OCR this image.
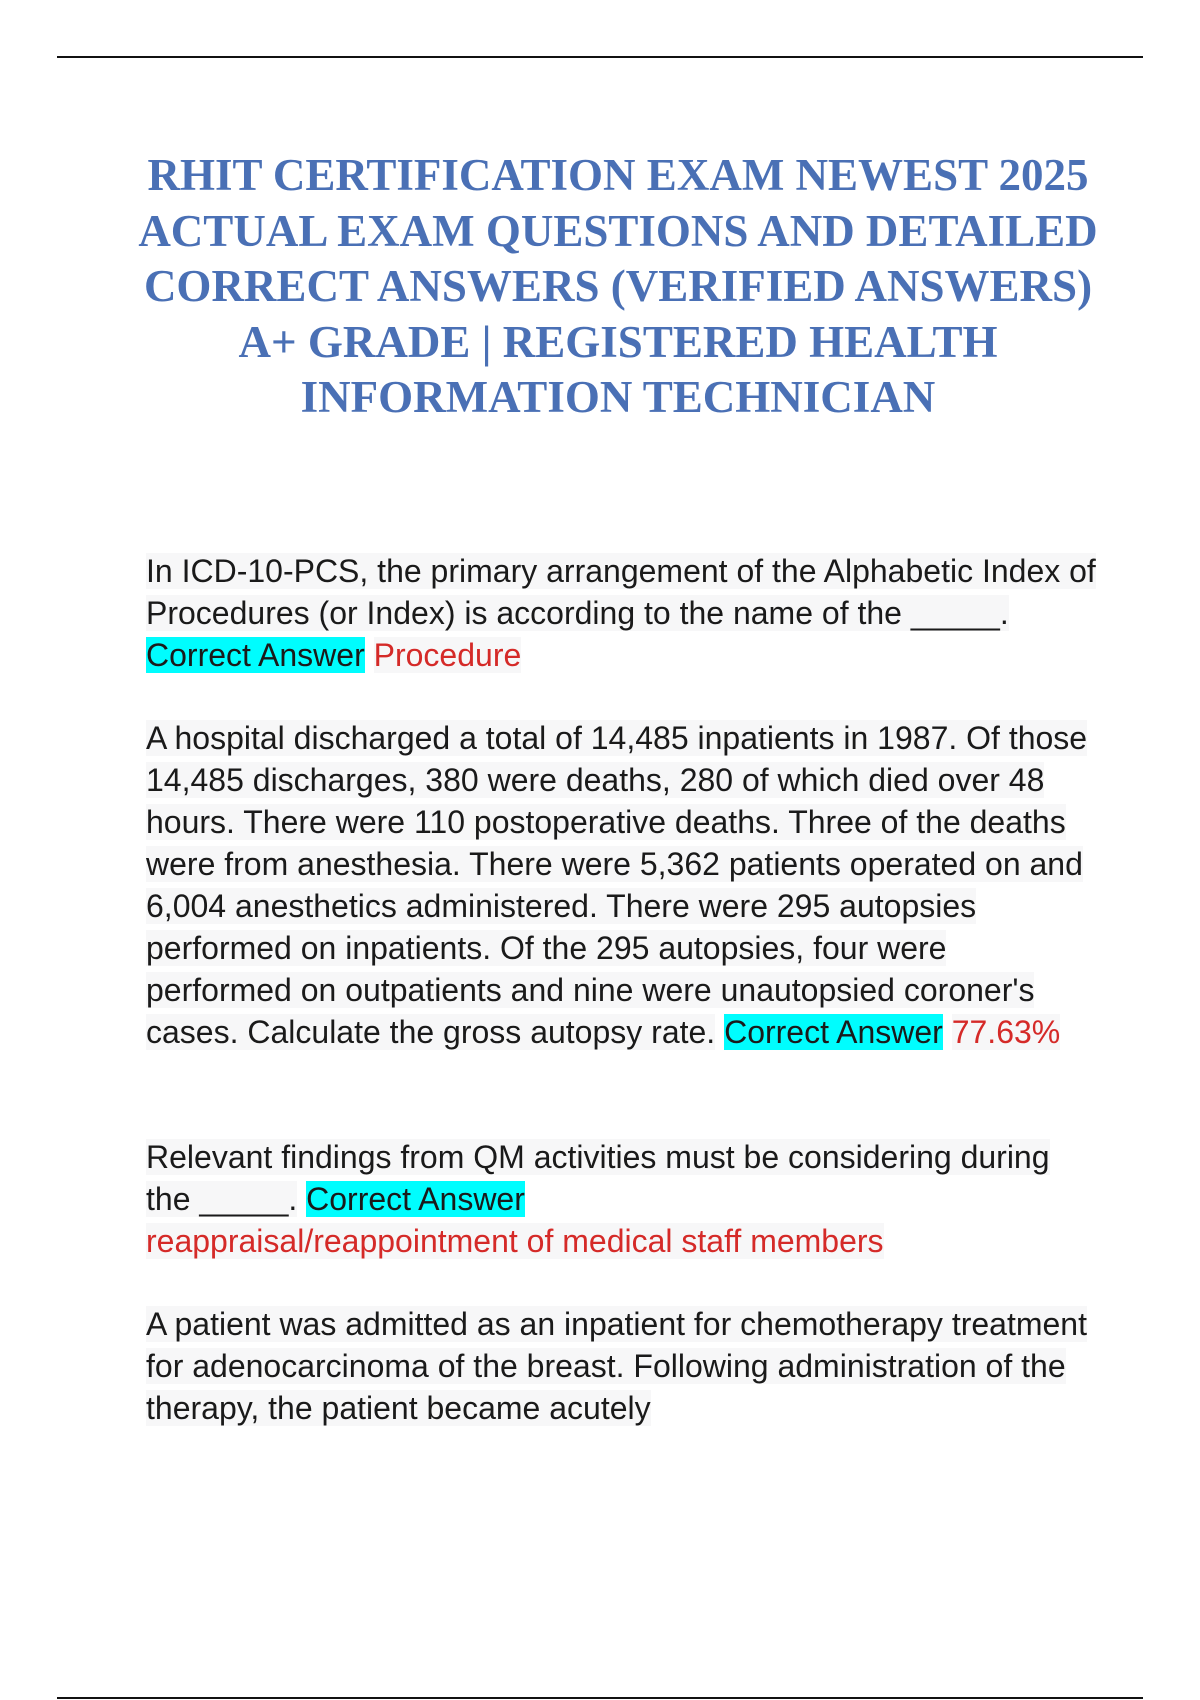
RHIT CERTIFICATION EXAM NEWEST 2025 ACTUAL EXAM QUESTIONS AND DETAILED CORRECT ANSWERS (VERIFIED ANSWERS) A+ GRADE | REGISTERED HEALTH INFORMATION TECHNICIAN

In ICD-10-PCS, the primary arrangement of the Alphabetic Index of Procedures (or Index) is according to the name of the _____. Correct Answer Procedure

A hospital discharged a total of 14,485 inpatients in 1987. Of those 14,485 discharges, 380 were deaths, 280 of which died over 48 hours. There were 110 postoperative deaths. Three of the deaths were from anesthesia. There were 5,362 patients operated on and 6,004 anesthetics administered. There were 295 autopsies performed on inpatients. Of the 295 autopsies, four were performed on outpatients and nine were unautopsied coroner's cases. Calculate the gross autopsy rate. Correct Answer 77.63%

Relevant findings from QM activities must be considering during the _____. Correct Answer
reappraisal/reappointment of medical staff members

A patient was admitted as an inpatient for chemotherapy treatment for adenocarcinoma of the breast. Following administration of the therapy, the patient became acutely
